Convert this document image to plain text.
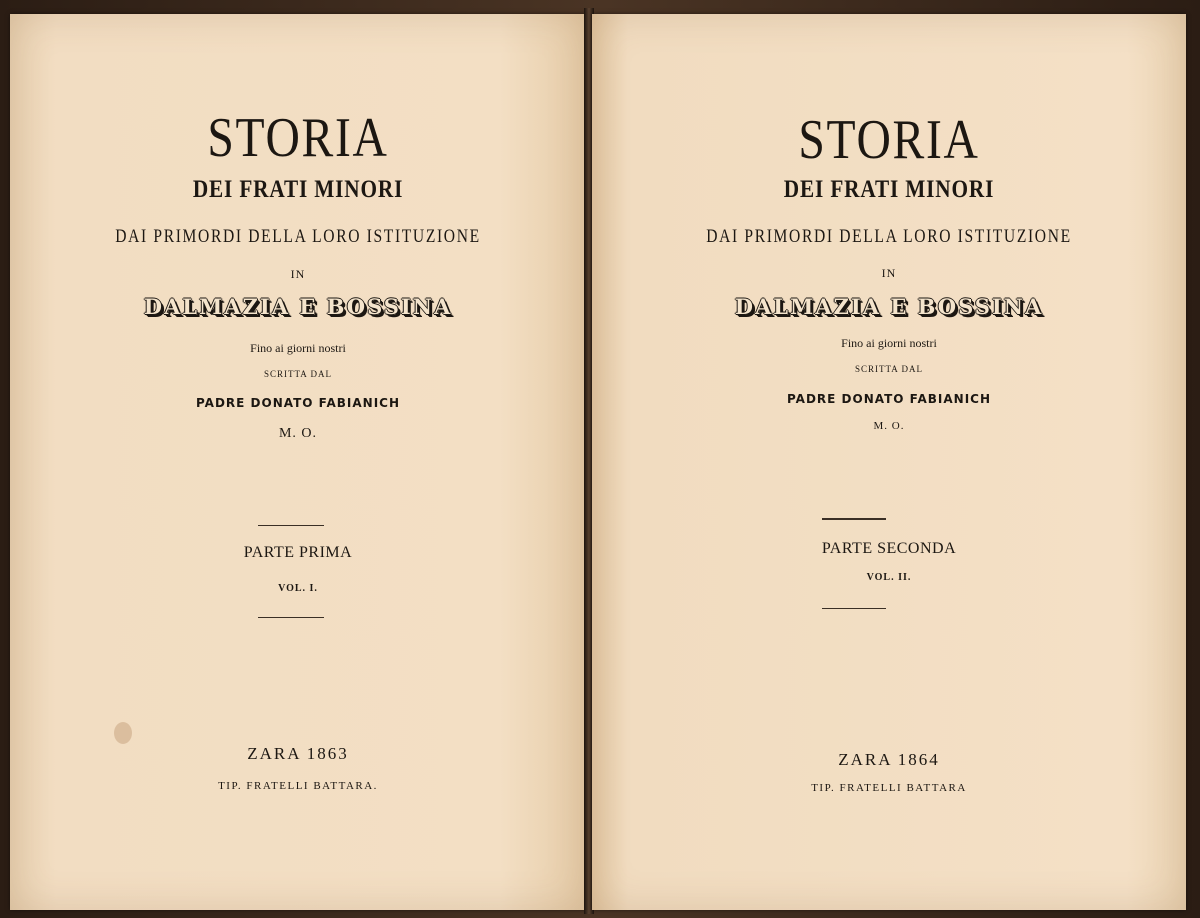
STORIA
DEI FRATI MINORI
DAI PRIMORDI DELLA LORO ISTITUZIONE
IN
DALMAZIA E BOSSINA
Fino ai giorni nostri
SCRITTA DAL
PADRE DONATO FABIANICH
M. O.
PARTE PRIMA
VOL. I.
ZARA 1863
TIP. FRATELLI BATTARA.
STORIA
DEI FRATI MINORI
DAI PRIMORDI DELLA LORO ISTITUZIONE
IN
DALMAZIA E BOSSINA
Fino ai giorni nostri
SCRITTA DAL
PADRE DONATO FABIANICH
M. O.
PARTE SECONDA
VOL. II.
ZARA 1864
TIP. FRATELLI BATTARA
